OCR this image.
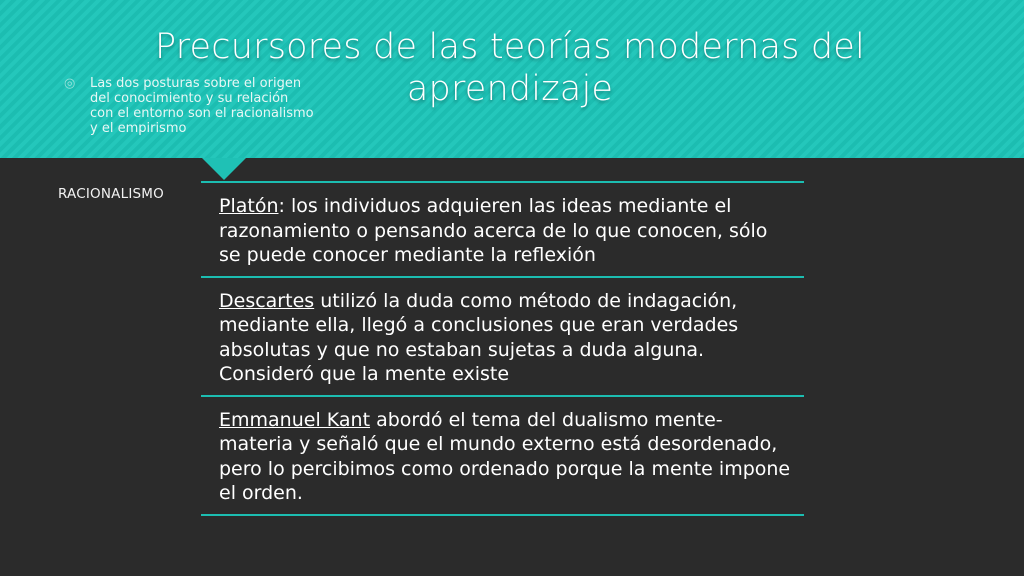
Precursores de las teorías modernas del aprendizaje
◎	Las dos posturas sobre el origen del conocimiento y su relación con el entorno son el racionalismo y el empirismo
RACIONALISMO
Platón: los individuos adquieren las ideas mediante el razonamiento o pensando acerca de lo que conocen, sólo se puede conocer mediante la reflexión
Descartes utilizó la duda como método de indagación, mediante ella, llegó a conclusiones que eran verdades absolutas y que no estaban sujetas a duda alguna. Consideró que la mente existe
Emmanuel Kant abordó el tema del dualismo mente-materia y señaló que el mundo externo está desordenado, pero lo percibimos como ordenado porque la mente impone el orden.
